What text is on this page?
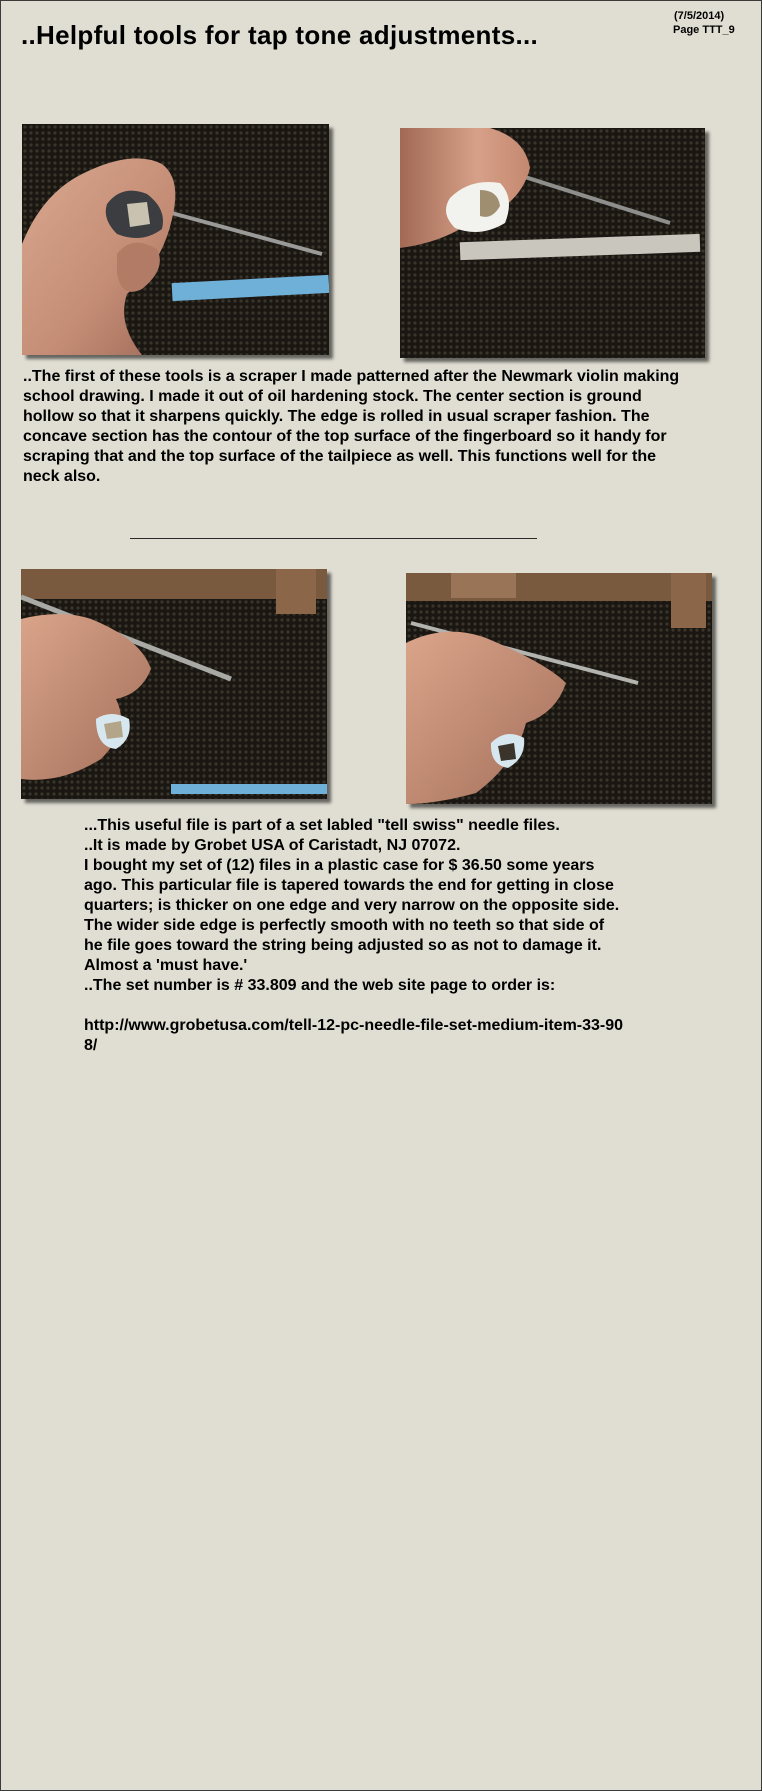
..Helpful tools for tap tone adjustments...
(7/5/2014)
Page TTT_9

..The first of these tools is a scraper I made patterned after the Newmark violin making school drawing. I made it out of oil hardening stock. The center section is ground hollow so that it sharpens quickly. The edge is rolled in usual scraper fashion. The concave section has the contour of the top surface of the fingerboard so it handy for scraping that and the top surface of the tailpiece as well. This functions well for the neck also.

...This useful file is part of a set labled "tell swiss" needle files.

..It is made by Grobet USA of Caristadt, NJ 07072.

I bought my set of (12) files in a plastic case for $ 36.50 some years ago. This particular file is tapered towards the end for getting in close quarters; is thicker on one edge and very narrow on the opposite side. The wider side edge is perfectly smooth with no teeth so that side of he file goes toward the string being adjusted so as not to damage it. Almost a 'must have.'

..The set number is # 33.809 and the web site page to order is:

http://www.grobetusa.com/tell-12-pc-needle-file-set-medium-item-33-908/
